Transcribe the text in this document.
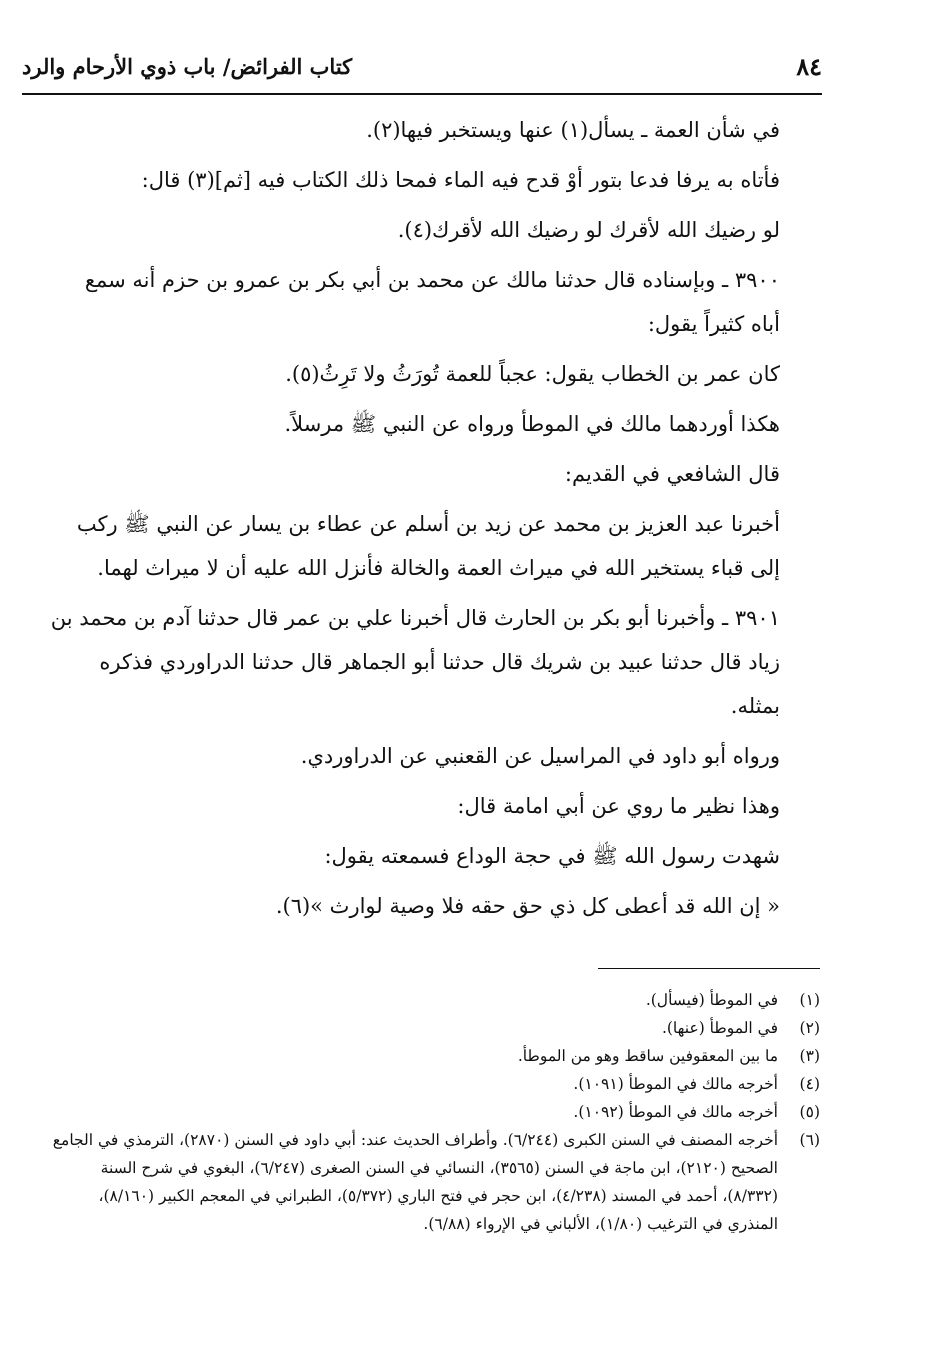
٨٤
كتاب الفرائض/ باب ذوي الأرحام والرد

في شأن العمة ـ يسأل(١) عنها ويستخبر فيها(٢).

فأتاه به يرفا فدعا بتور أوْ قدح فيه الماء فمحا ذلك الكتاب فيه [ثم](٣) قال:

لو رضيك الله لأقرك لو رضيك الله لأقرك(٤).

٣٩٠٠ ـ وبإسناده قال حدثنا مالك عن محمد بن أبي بكر بن عمرو بن حزم أنه سمع أباه كثيراً يقول:

كان عمر بن الخطاب يقول: عجباً للعمة تُورَثُ ولا تَرِثُ(٥).

هكذا أوردهما مالك في الموطأ ورواه عن النبي ﷺ مرسلاً.

قال الشافعي في القديم:

أخبرنا عبد العزيز بن محمد عن زيد بن أسلم عن عطاء بن يسار عن النبي ﷺ ركب إلى قباء يستخير الله في ميراث العمة والخالة فأنزل الله عليه أن لا ميراث لهما.

٣٩٠١ ـ وأخبرنا أبو بكر بن الحارث قال أخبرنا علي بن عمر قال حدثنا آدم بن محمد بن زياد قال حدثنا عبيد بن شريك قال حدثنا أبو الجماهر قال حدثنا الدراوردي فذكره بمثله.

ورواه أبو داود في المراسيل عن القعنبي عن الدراوردي.

وهذا نظير ما روي عن أبي امامة قال:

شهدت رسول الله ﷺ في حجة الوداع فسمعته يقول:

« إن الله قد أعطى كل ذي حق حقه فلا وصية لوارث »(٦).

(١)
في الموطأ (فيسأل).

(٢)
في الموطأ (عنها).

(٣)
ما بين المعقوفين ساقط وهو من الموطأ.

(٤)
أخرجه مالك في الموطأ (١٠٩١).

(٥)
أخرجه مالك في الموطأ (١٠٩٢).

(٦)
أخرجه المصنف في السنن الكبرى (٦/٢٤٤). وأطراف الحديث عند: أبي داود في السنن (٢٨٧٠)، الترمذي في الجامع الصحيح (٢١٢٠)، ابن ماجة في السنن (٣٥٦٥)، النسائي في السنن الصغرى (٦/٢٤٧)، البغوي في شرح السنة (٨/٣٣٢)، أحمد في المسند (٤/٢٣٨)، ابن حجر في فتح الباري (٥/٣٧٢)، الطبراني في المعجم الكبير (٨/١٦٠)، المنذري في الترغيب (١/٨٠)، الألباني في الإرواء (٦/٨٨).
